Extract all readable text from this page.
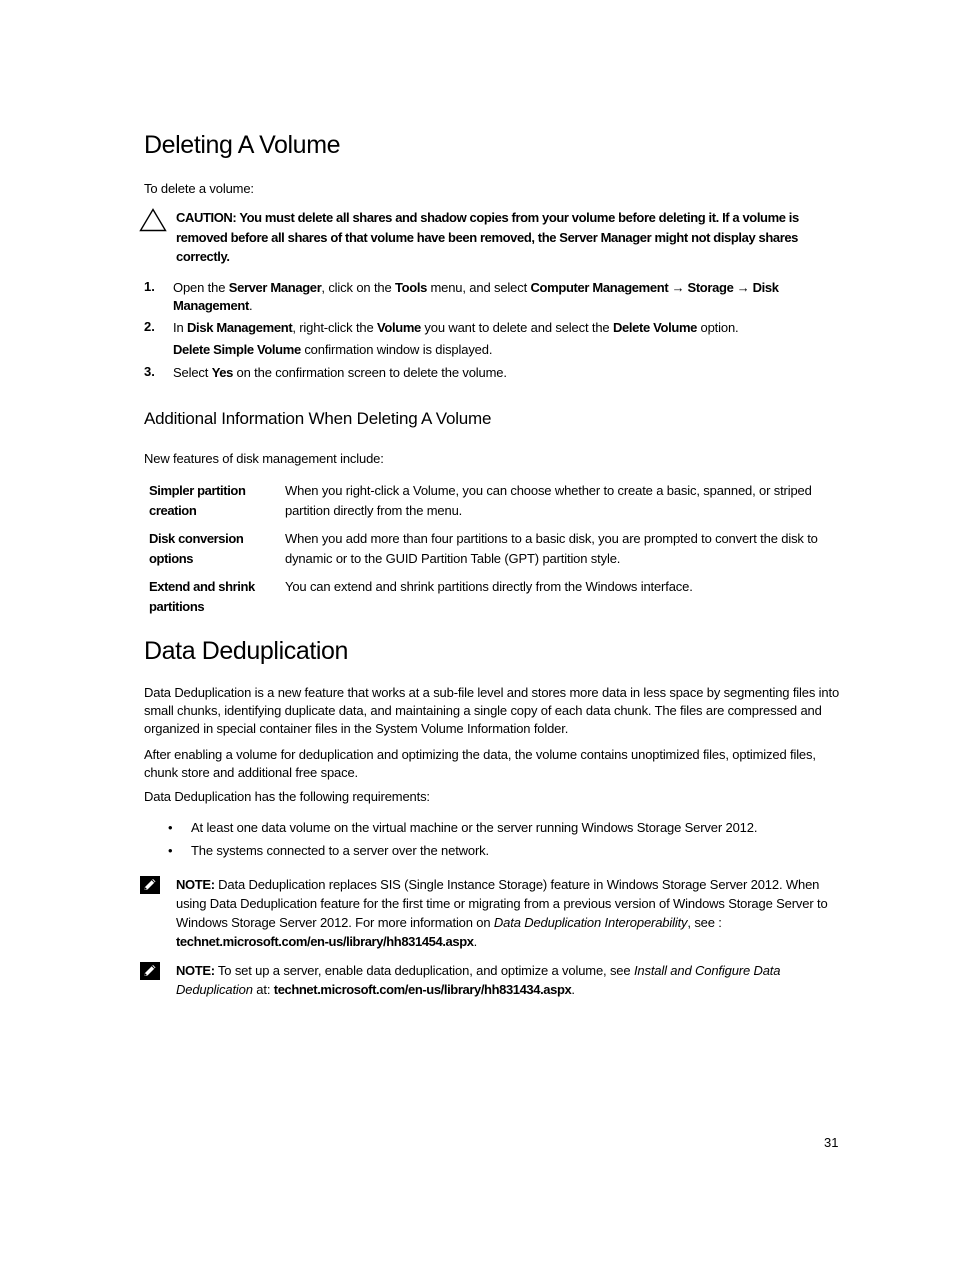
Deleting A Volume
To delete a volume:
CAUTION: You must delete all shares and shadow copies from your volume before deleting it. If a volume is removed before all shares of that volume have been removed, the Server Manager might not display shares correctly.
1. Open the Server Manager, click on the Tools menu, and select Computer Management → Storage → Disk Management.
2. In Disk Management, right-click the Volume you want to delete and select the Delete Volume option.
Delete Simple Volume confirmation window is displayed.
3. Select Yes on the confirmation screen to delete the volume.
Additional Information When Deleting A Volume
New features of disk management include:
Simpler partition creation	When you right-click a Volume, you can choose whether to create a basic, spanned, or striped partition directly from the menu.
Disk conversion options	When you add more than four partitions to a basic disk, you are prompted to convert the disk to dynamic or to the GUID Partition Table (GPT) partition style.
Extend and shrink partitions	You can extend and shrink partitions directly from the Windows interface.
Data Deduplication
Data Deduplication is a new feature that works at a sub-file level and stores more data in less space by segmenting files into small chunks, identifying duplicate data, and maintaining a single copy of each data chunk. The files are compressed and organized in special container files in the System Volume Information folder.
After enabling a volume for deduplication and optimizing the data, the volume contains unoptimized files, optimized files, chunk store and additional free space.
Data Deduplication has the following requirements:
• At least one data volume on the virtual machine or the server running Windows Storage Server 2012.
• The systems connected to a server over the network.
NOTE: Data Deduplication replaces SIS (Single Instance Storage) feature in Windows Storage Server 2012. When using Data Deduplication feature for the first time or migrating from a previous version of Windows Storage Server to Windows Storage Server 2012. For more information on Data Deduplication Interoperability, see : technet.microsoft.com/en-us/library/hh831454.aspx.
NOTE: To set up a server, enable data deduplication, and optimize a volume, see Install and Configure Data Deduplication at: technet.microsoft.com/en-us/library/hh831434.aspx.
31
